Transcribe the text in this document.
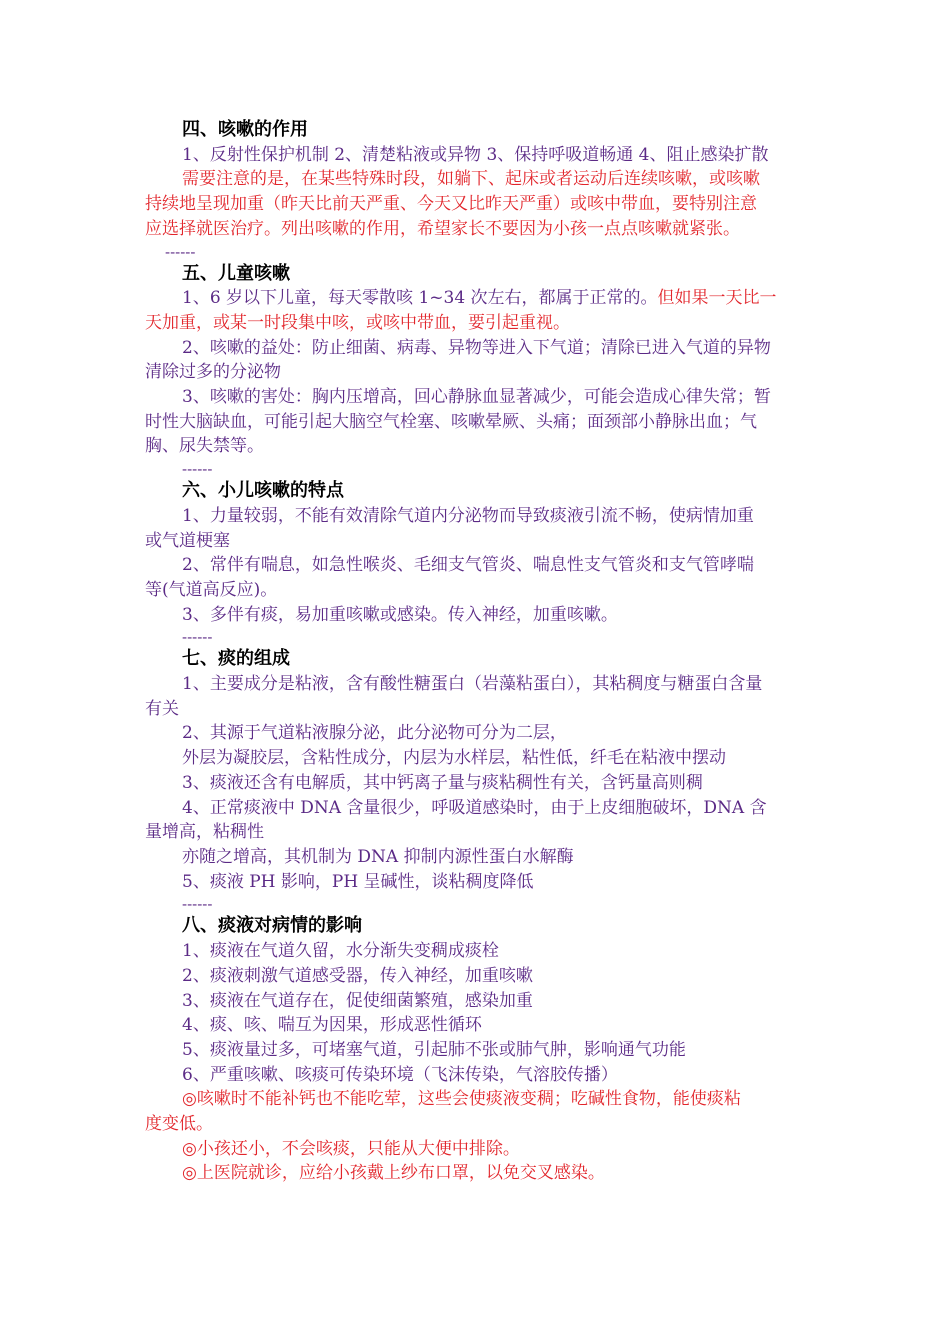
四、咳嗽的作用
1、反射性保护机制 2、清楚粘液或异物 3、保持呼吸道畅通 4、阻止感染扩散
需要注意的是，在某些特殊时段，如躺下、起床或者运动后连续咳嗽，或咳嗽
持续地呈现加重（昨天比前天严重、今天又比昨天严重）或咳中带血，要特别注意
应选择就医治疗。列出咳嗽的作用，希望家长不要因为小孩一点点咳嗽就紧张。
------
五、儿童咳嗽
1、6 岁以下儿童，每天零散咳 1~34 次左右，都属于正常的。但如果一天比一
天加重，或某一时段集中咳，或咳中带血，要引起重视。
2、咳嗽的益处：防止细菌、病毒、异物等进入下气道；清除已进入气道的异物
清除过多的分泌物
3、咳嗽的害处：胸内压增高，回心静脉血显著减少，可能会造成心律失常；暂
时性大脑缺血，可能引起大脑空气栓塞、咳嗽晕厥、头痛；面颈部小静脉出血；气
胸、尿失禁等。
------
六、小儿咳嗽的特点
1、力量较弱，不能有效清除气道内分泌物而导致痰液引流不畅，使病情加重
或气道梗塞
2、常伴有喘息，如急性喉炎、毛细支气管炎、喘息性支气管炎和支气管哮喘
等(气道高反应)。
3、多伴有痰，易加重咳嗽或感染。传入神经，加重咳嗽。
------
七、痰的组成
1、主要成分是粘液，含有酸性糖蛋白（岩藻粘蛋白），其粘稠度与糖蛋白含量
有关
2、其源于气道粘液腺分泌，此分泌物可分为二层，
外层为凝胶层，含粘性成分，内层为水样层，粘性低，纤毛在粘液中摆动
3、痰液还含有电解质，其中钙离子量与痰粘稠性有关，含钙量高则稠
4、正常痰液中 DNA 含量很少，呼吸道感染时，由于上皮细胞破坏，DNA 含
量增高，粘稠性
亦随之增高，其机制为 DNA 抑制内源性蛋白水解酶
5、痰液 PH 影响，PH 呈碱性，谈粘稠度降低
------
八、痰液对病情的影响
1、痰液在气道久留，水分渐失变稠成痰栓
2、痰液刺激气道感受器，传入神经，加重咳嗽
3、痰液在气道存在，促使细菌繁殖，感染加重
4、痰、咳、喘互为因果，形成恶性循环
5、痰液量过多，可堵塞气道，引起肺不张或肺气肿，影响通气功能
6、严重咳嗽、咳痰可传染环境（飞沫传染，气溶胶传播）
◎咳嗽时不能补钙也不能吃荤，这些会使痰液变稠；吃碱性食物，能使痰粘
度变低。
◎小孩还小，不会咳痰，只能从大便中排除。
◎上医院就诊，应给小孩戴上纱布口罩，以免交叉感染。
